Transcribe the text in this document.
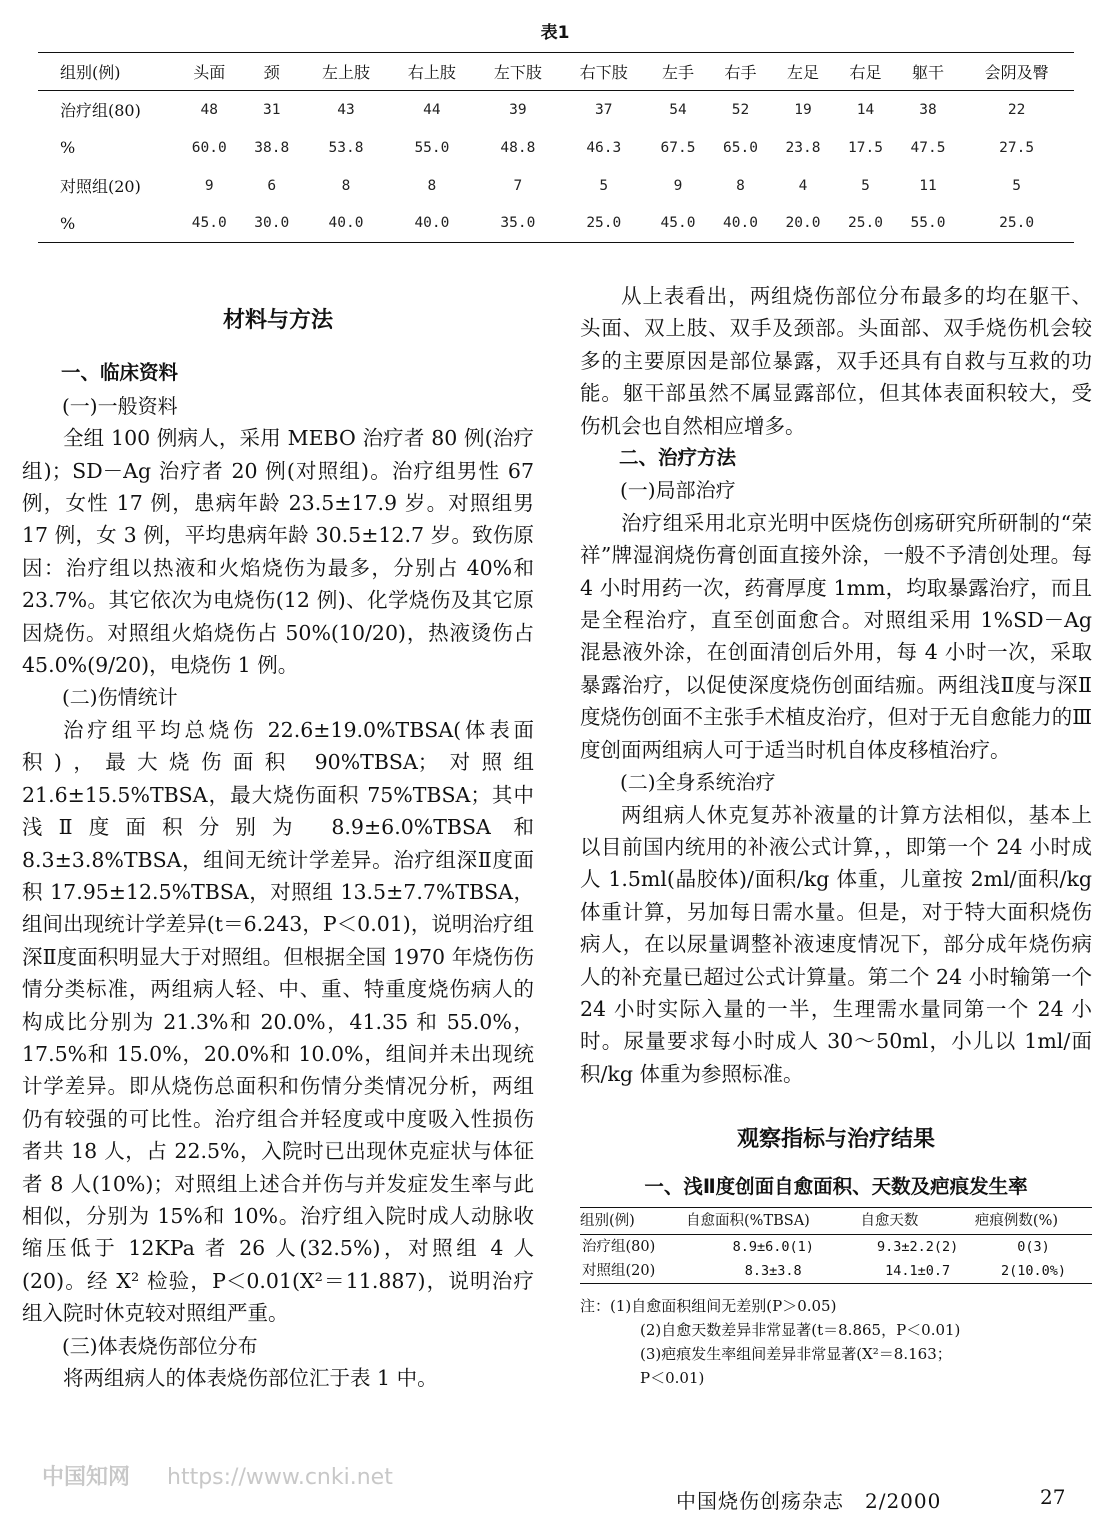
表1
组别(例)	头面	颈	左上肢	右上肢	左下肢	右下肢	左手	右手	左足	右足	躯干	会阴及臀
治疗组(80)	48	31	43	44	39	37	54	52	19	14	38	22
%	60.0	38.8	53.8	55.0	48.8	46.3	67.5	65.0	23.8	17.5	47.5	27.5
对照组(20)	9	6	8	8	7	5	9	8	4	5	11	5
%	45.0	30.0	40.0	40.0	35.0	25.0	45.0	40.0	20.0	25.0	55.0	25.0

材料与方法

一、临床资料

(一)一般资料

全组 100 例病人，采用 MEBO 治疗者 80 例(治疗组)；SD－Ag 治疗者 20 例(对照组)。治疗组男性 67 例，女性 17 例，患病年龄 23.5±17.9 岁。对照组男 17 例，女 3 例，平均患病年龄 30.5±12.7 岁。致伤原因：治疗组以热液和火焰烧伤为最多，分别占 40%和 23.7%。其它依次为电烧伤(12 例)、化学烧伤及其它原因烧伤。对照组火焰烧伤占 50%(10/20)，热液烫伤占 45.0%(9/20)，电烧伤 1 例。

(二)伤情统计

治疗组平均总烧伤 22.6±19.0%TBSA(体表面积)，最大烧伤面积 90%TBSA；对照组 21.6±15.5%TBSA，最大烧伤面积 75%TBSA；其中浅Ⅱ度面积分别为 8.9±6.0%TBSA 和 8.3±3.8%TBSA，组间无统计学差异。治疗组深Ⅱ度面积 17.95±12.5%TBSA，对照组 13.5±7.7%TBSA，组间出现统计学差异(t＝6.243，P＜0.01)，说明治疗组深Ⅱ度面积明显大于对照组。但根据全国 1970 年烧伤伤情分类标准，两组病人轻、中、重、特重度烧伤病人的构成比分别为 21.3%和 20.0%，41.35 和 55.0%，17.5%和 15.0%，20.0%和 10.0%，组间并未出现统计学差异。即从烧伤总面积和伤情分类情况分析，两组仍有较强的可比性。治疗组合并轻度或中度吸入性损伤者共 18 人，占 22.5%，入院时已出现休克症状与体征者 8 人(10%)；对照组上述合并伤与并发症发生率与此相似，分别为 15%和 10%。治疗组入院时成人动脉收缩压低于 12KPa 者 26 人(32.5%)，对照组 4 人(20)。经 X² 检验，P＜0.01(X²＝11.887)，说明治疗组入院时休克较对照组严重。

(三)体表烧伤部位分布

将两组病人的体表烧伤部位汇于表 1 中。

从上表看出，两组烧伤部位分布最多的均在躯干、头面、双上肢、双手及颈部。头面部、双手烧伤机会较多的主要原因是部位暴露，双手还具有自救与互救的功能。躯干部虽然不属显露部位，但其体表面积较大，受伤机会也自然相应增多。

二、治疗方法

(一)局部治疗

治疗组采用北京光明中医烧伤创疡研究所研制的“荣祥”牌湿润烧伤膏创面直接外涂，一般不予清创处理。每 4 小时用药一次，药膏厚度 1mm，均取暴露治疗，而且是全程治疗，直至创面愈合。对照组采用 1%SD－Ag 混悬液外涂，在创面清创后外用，每 4 小时一次，采取暴露治疗，以促使深度烧伤创面结痂。两组浅Ⅱ度与深Ⅱ度烧伤创面不主张手术植皮治疗，但对于无自愈能力的Ⅲ度创面两组病人可于适当时机自体皮移植治疗。

(二)全身系统治疗

两组病人休克复苏补液量的计算方法相似，基本上以目前国内统用的补液公式计算，，即第一个 24 小时成人 1.5ml(晶胶体)/面积/kg 体重，儿童按 2ml/面积/kg 体重计算，另加每日需水量。但是，对于特大面积烧伤病人，在以尿量调整补液速度情况下，部分成年烧伤病人的补充量已超过公式计算量。第二个 24 小时输第一个 24 小时实际入量的一半，生理需水量同第一个 24 小时。尿量要求每小时成人 30～50ml，小儿以 1ml/面积/kg 体重为参照标准。

观察指标与治疗结果

一、浅Ⅱ度创面自愈面积、天数及疤痕发生率

组别(例)	自愈面积(%TBSA)	自愈天数	疤痕例数(%)
治疗组(80)	8.9±6.0(1)	9.3±2.2(2)	0(3)
对照组(20)	8.3±3.8	14.1±0.7	2(10.0%)
注：(1)自愈面积组间无差别(P＞0.05)
(2)自愈天数差异非常显著(t＝8.865，P＜0.01)
(3)疤痕发生率组间差异非常显著(X²＝8.163；
P＜0.01)
中国知网 https://www.cnki.net
中国烧伤创疡杂志　2/2000	27
